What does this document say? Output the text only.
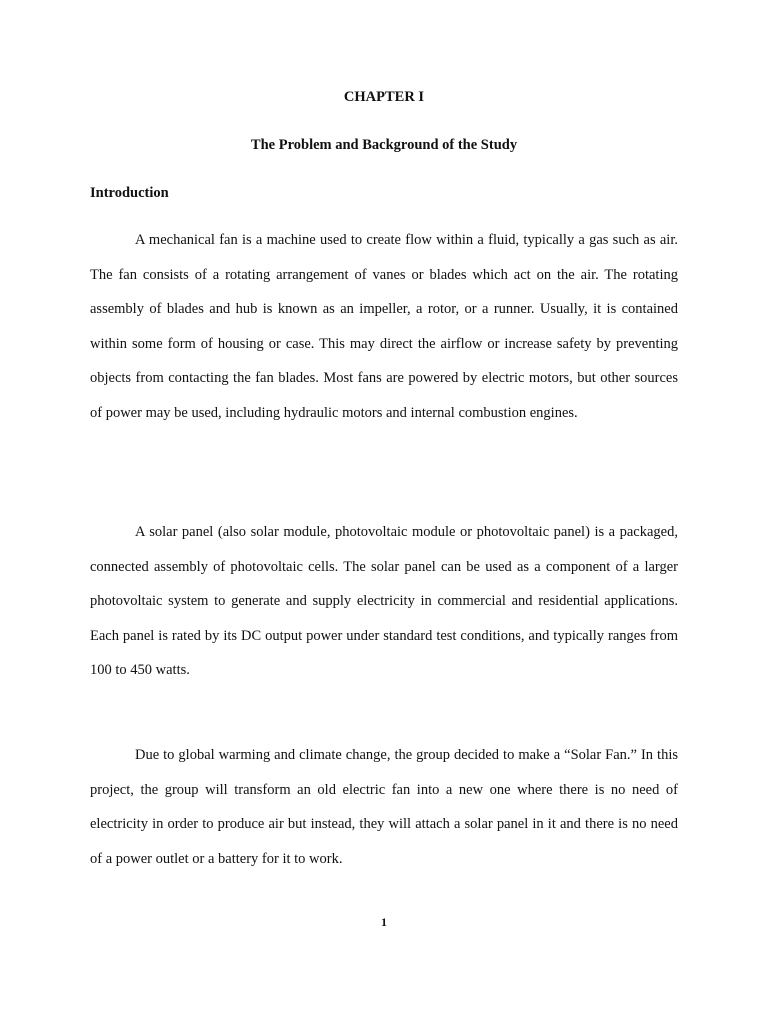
CHAPTER I
The Problem and Background of the Study
Introduction

A mechanical fan is a machine used to create flow within a fluid, typically a gas such as air. The fan consists of a rotating arrangement of vanes or blades which act on the air. The rotating assembly of blades and hub is known as an impeller, a rotor, or a runner. Usually, it is contained within some form of housing or case. This may direct the airflow or increase safety by preventing objects from contacting the fan blades. Most fans are powered by electric motors, but other sources of power may be used, including hydraulic motors and internal combustion engines.

A solar panel (also solar module, photovoltaic module or photovoltaic panel) is a packaged, connected assembly of photovoltaic cells. The solar panel can be used as a component of a larger photovoltaic system to generate and supply electricity in commercial and residential applications. Each panel is rated by its DC output power under standard test conditions, and typically ranges from 100 to 450 watts.

Due to global warming and climate change, the group decided to make a “Solar Fan.” In this project, the group will transform an old electric fan into a new one where there is no need of electricity in order to produce air but instead, they will attach a solar panel in it and there is no need of a power outlet or a battery for it to work.

1
